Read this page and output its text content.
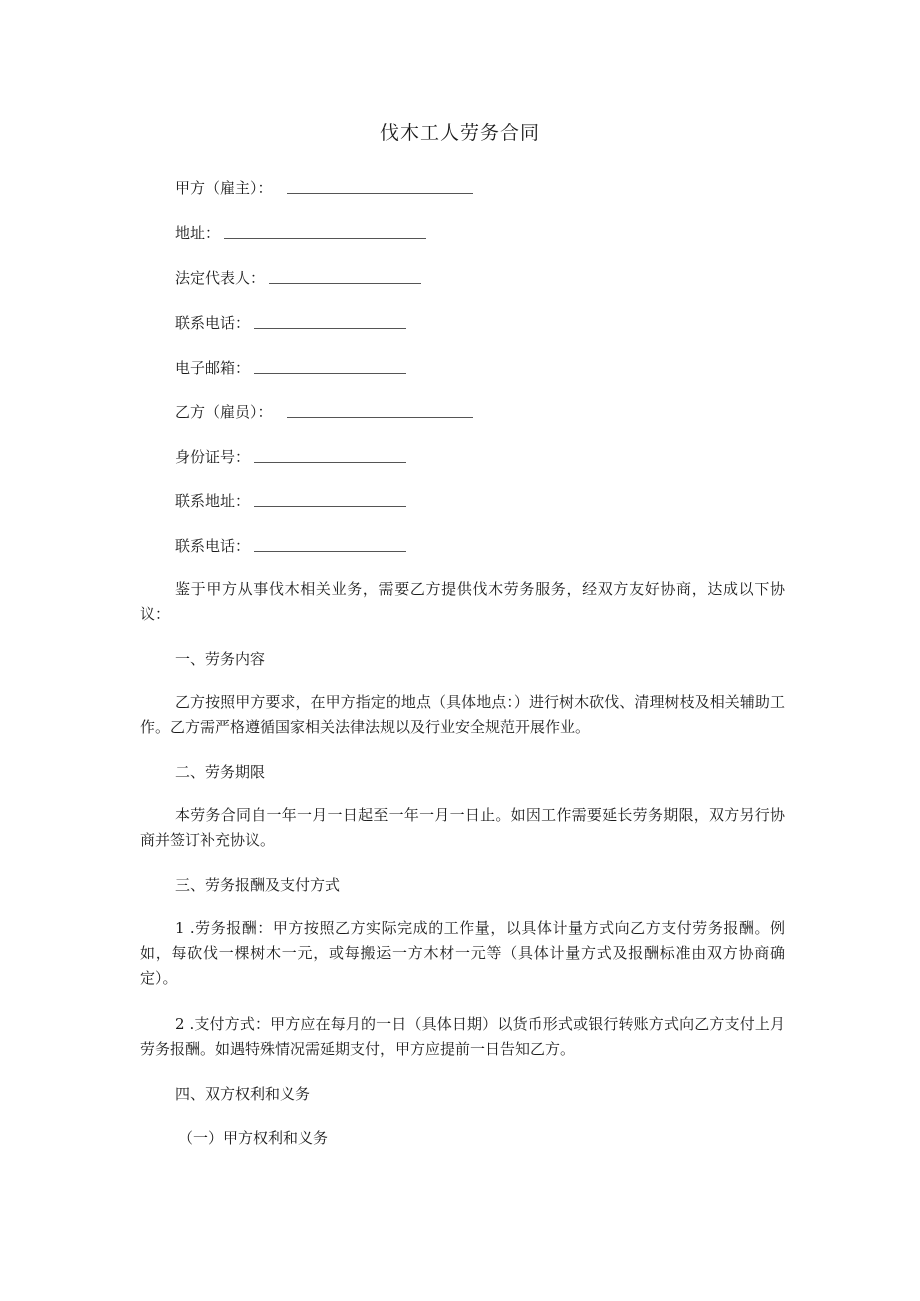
伐木工人劳务合同
甲方（雇主）：
地址：
法定代表人：
联系电话：
电子邮箱：
乙方（雇员）：
身份证号：
联系地址：
联系电话：
鉴于甲方从事伐木相关业务，需要乙方提供伐木劳务服务，经双方友好协商，达成以下协议：
一、劳务内容
乙方按照甲方要求，在甲方指定的地点（具体地点：）进行树木砍伐、清理树枝及相关辅助工作。乙方需严格遵循国家相关法律法规以及行业安全规范开展作业。
二、劳务期限
本劳务合同自一年一月一日起至一年一月一日止。如因工作需要延长劳务期限，双方另行协商并签订补充协议。
三、劳务报酬及支付方式
1 .劳务报酬：甲方按照乙方实际完成的工作量，以具体计量方式向乙方支付劳务报酬。例如，每砍伐一棵树木一元，或每搬运一方木材一元等（具体计量方式及报酬标准由双方协商确定）。
2 .支付方式：甲方应在每月的一日（具体日期）以货币形式或银行转账方式向乙方支付上月劳务报酬。如遇特殊情况需延期支付，甲方应提前一日告知乙方。
四、双方权利和义务
（一）甲方权利和义务
